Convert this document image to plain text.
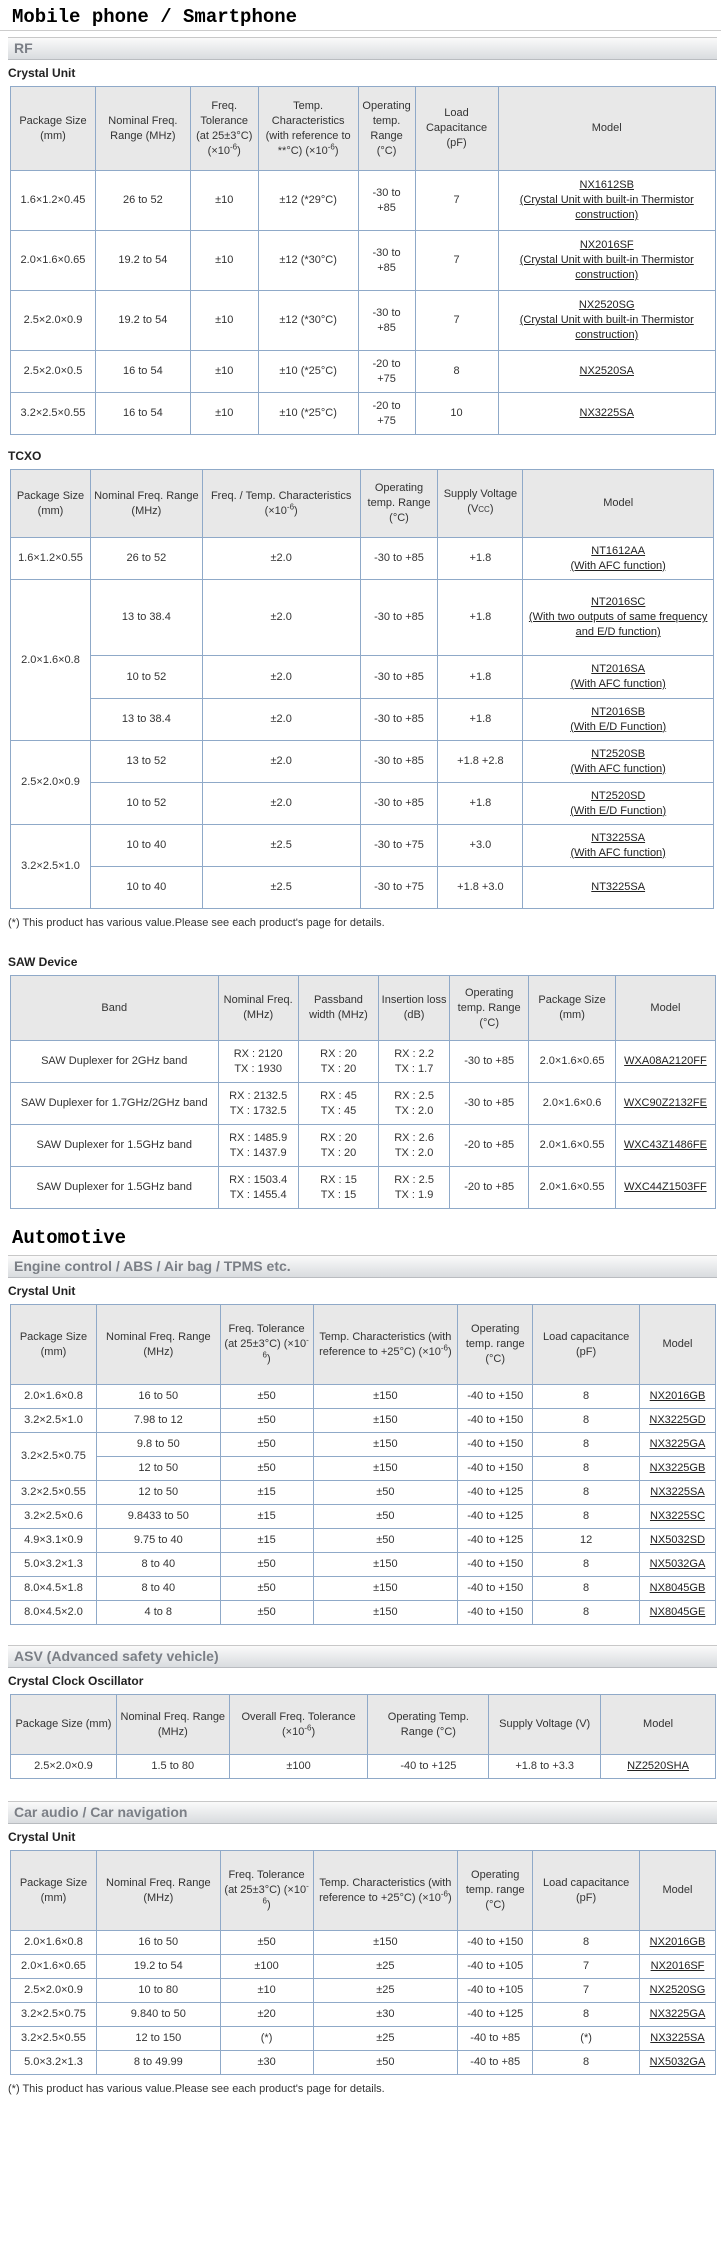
Mobile phone / Smartphone
RF
Crystal Unit
Package Size (mm)	Nominal Freq. Range (MHz)	Freq. Tolerance (at 25±3°C) $(\times 10^{-6})$	Temp. Characteristics (with reference to **°C) $(\times 10^{-6})$	Operating temp. Range (°C)	Load Capacitance (pF)	Model
1.6×1.2×0.45	26 to 52	±10	±12 (*29°C)	-30 to
+85	7	NX1612SB
(Crystal Unit with built-in Thermistor construction)
2.0×1.6×0.65	19.2 to 54	±10	±12 (*30°C)	-30 to
+85	7	NX2016SF
(Crystal Unit with built-in Thermistor construction)
2.5×2.0×0.9	19.2 to 54	±10	±12 (*30°C)	-30 to
+85	7	NX2520SG
(Crystal Unit with built-in Thermistor construction)
2.5×2.0×0.5	16 to 54	±10	±10 (*25°C)	-20 to
+75	8	NX2520SA
3.2×2.5×0.55	16 to 54	±10	±10 (*25°C)	-20 to
+75	10	NX3225SA
TCXO
Package Size (mm)	Nominal Freq. Range (MHz)	Freq. / Temp. Characteristics $(\times 10^{-6})$	Operating temp. Range (°C)	Supply Voltage (VCC)	Model
1.6×1.2×0.55	26 to 52	±2.0	-30 to +85	+1.8	NT1612AA
(With AFC function)
2.0×1.6×0.8	13 to 38.4	±2.0	-30 to +85	+1.8	NT2016SC
(With two outputs of same frequency and E/D function)
	10 to 52	±2.0	-30 to +85	+1.8	NT2016SA
(With AFC function)
	13 to 38.4	±2.0	-30 to +85	+1.8	NT2016SB
(With E/D Function)
2.5×2.0×0.9	13 to 52	±2.0	-30 to +85	+1.8 +2.8	NT2520SB
(With AFC function)
	10 to 52	±2.0	-30 to +85	+1.8	NT2520SD
(With E/D Function)
3.2×2.5×1.0	10 to 40	±2.5	-30 to +75	+3.0	NT3225SA
(With AFC function)
	10 to 40	±2.5	-30 to +75	+1.8 +3.0	NT3225SA
(*) This product has various value.Please see each product's page for details.
SAW Device
Band	Nominal Freq. (MHz)	Passband width (MHz)	Insertion loss (dB)	Operating temp. Range (°C)	Package Size (mm)	Model
SAW Duplexer for 2GHz band	RX : 2120
TX : 1930	RX : 20
TX : 20	RX : 2.2
TX : 1.7	-30 to +85	2.0×1.6×0.65	WXA08A2120FF
SAW Duplexer for 1.7GHz/2GHz band	RX : 2132.5
TX : 1732.5	RX : 45
TX : 45	RX : 2.5
TX : 2.0	-30 to +85	2.0×1.6×0.6	WXC90Z2132FE
SAW Duplexer for 1.5GHz band	RX : 1485.9
TX : 1437.9	RX : 20
TX : 20	RX : 2.6
TX : 2.0	-20 to +85	2.0×1.6×0.55	WXC43Z1486FE
SAW Duplexer for 1.5GHz band	RX : 1503.4
TX : 1455.4	RX : 15
TX : 15	RX : 2.5
TX : 1.9	-20 to +85	2.0×1.6×0.55	WXC44Z1503FF
Automotive
Engine control / ABS / Air bag / TPMS etc.
Crystal Unit
Package Size (mm)	Nominal Freq. Range (MHz)	Freq. Tolerance (at 25±3°C) $(\times 10^{-6})$	Temp. Characteristics (with reference to +25°C) $(\times 10^{-6})$	Operating temp. range (°C)	Load capacitance (pF)	Model
2.0×1.6×0.8	16 to 50	±50	±150	-40 to +150	8	NX2016GB
3.2×2.5×1.0	7.98 to 12	±50	±150	-40 to +150	8	NX3225GD
3.2×2.5×0.75	9.8 to 50	±50	±150	-40 to +150	8	NX3225GA
	12 to 50	±50	±150	-40 to +150	8	NX3225GB
3.2×2.5×0.55	12 to 50	±15	±50	-40 to +125	8	NX3225SA
3.2×2.5×0.6	9.8433 to 50	±15	±50	-40 to +125	8	NX3225SC
4.9×3.1×0.9	9.75 to 40	±15	±50	-40 to +125	12	NX5032SD
5.0×3.2×1.3	8 to 40	±50	±150	-40 to +150	8	NX5032GA
8.0×4.5×1.8	8 to 40	±50	±150	-40 to +150	8	NX8045GB
8.0×4.5×2.0	4 to 8	±50	±150	-40 to +150	8	NX8045GE
ASV (Advanced safety vehicle)
Crystal Clock Oscillator
Package Size (mm)	Nominal Freq. Range (MHz)	Overall Freq. Tolerance $(\times 10^{-6})$	Operating Temp. Range (°C)	Supply Voltage (V)	Model
2.5×2.0×0.9	1.5 to 80	±100	-40 to +125	+1.8 to +3.3	NZ2520SHA
Car audio / Car navigation
Crystal Unit
Package Size (mm)	Nominal Freq. Range (MHz)	Freq. Tolerance (at 25±3°C) $(\times 10^{-6})$	Temp. Characteristics (with reference to +25°C) $(\times 10^{-6})$	Operating temp. range (°C)	Load capacitance (pF)	Model
2.0×1.6×0.8	16 to 50	±50	±150	-40 to +150	8	NX2016GB
2.0×1.6×0.65	19.2 to 54	±100	±25	-40 to +105	7	NX2016SF
2.5×2.0×0.9	10 to 80	±10	±25	-40 to +105	7	NX2520SG
3.2×2.5×0.75	9.840 to 50	±20	±30	-40 to +125	8	NX3225GA
3.2×2.5×0.55	12 to 150	(*)	±25	-40 to +85	(*)	NX3225SA
5.0×3.2×1.3	8 to 49.99	±30	±50	-40 to +85	8	NX5032GA
(*) This product has various value.Please see each product's page for details.
